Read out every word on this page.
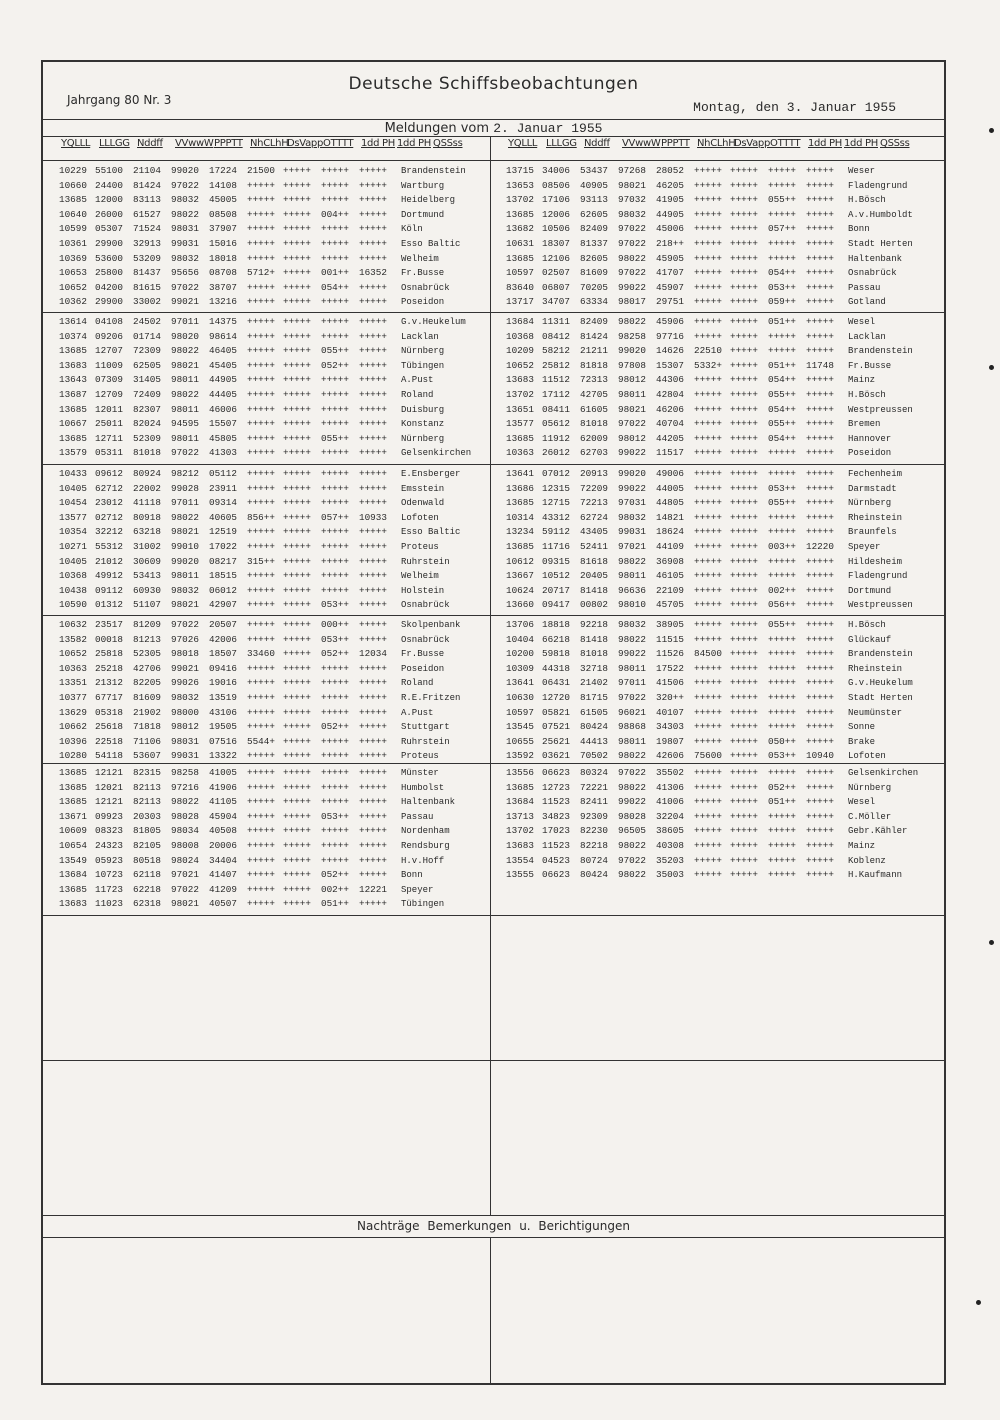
Deutsche Schiffsbeobachtungen
Jahrgang 80 Nr. 3	Montag, den 3. Januar 1955
Meldungen vom 2. Januar 1955
YQLLL LLLGG Nddff VVwwW PPPTT NhCLhH
DsVapp OTTTT 1dd PH 1dd PH QSSss	YQLLL LLLGG Nddff VVwwW PPPTT NhCLhH
DsVapp OTTTT 1dd PH 1dd PH QSSss
10229 55100 21104 99020 17224 21500 +++++ +++++ +++++ Brandenstein
10660 24400 81424 97022 14108 +++++ +++++ +++++ +++++ Wartburg
13685 12000 83113 98032 45005 +++++ +++++ +++++ +++++ Heidelberg
10640 26000 61527 98022 08508 +++++ +++++ 004++ +++++ Dortmund
10599 05307 71524 98031 37907 +++++ +++++ +++++ +++++ Köln
10361 29900 32913 99031 15016 +++++ +++++ +++++ +++++ Esso Baltic
10369 53600 53209 98032 18018 +++++ +++++ +++++ +++++ Welheim
10653 25800 81437 95656 08708 5712+ +++++ 001++ 16352 Fr.Busse
10652 04200 81615 97022 38707 +++++ +++++ 054++ +++++ Osnabrück
10362 29900 33002 99021 13216 +++++ +++++ +++++ +++++ Poseidon
13614 04108 24502 97011 14375 +++++ +++++ +++++ +++++ G.v.Heukelum
10374 09206 01714 98020 98614 +++++ +++++ +++++ +++++ Lacklan
13685 12707 72309 98022 46405 +++++ +++++ 055++ +++++ Nürnberg
13683 11009 62505 98021 45405 +++++ +++++ 052++ +++++ Tübingen
13643 07309 31405 98011 44905 +++++ +++++ +++++ +++++ A.Pust
13687 12709 72409 98022 44405 +++++ +++++ +++++ +++++ Roland
13685 12011 82307 98011 46006 +++++ +++++ +++++ +++++ Duisburg
10667 25011 82024 94595 15507 +++++ +++++ +++++ +++++ Konstanz
13685 12711 52309 98011 45805 +++++ +++++ 055++ +++++ Nürnberg
13579 05311 81018 97022 41303 +++++ +++++ +++++ +++++ Gelsenkirchen
10433 09612 80924 98212 05112 +++++ +++++ +++++ +++++ E.Ensberger
10405 62712 22002 99028 23911 +++++ +++++ +++++ +++++ Emsstein
10454 23012 41118 97011 09314 +++++ +++++ +++++ +++++ Odenwald
13577 02712 80918 98022 40605 856++ +++++ 057++ 10933 Lofoten
10354 32212 63218 98021 12519 +++++ +++++ +++++ +++++ Esso Baltic
10271 55312 31002 99010 17022 +++++ +++++ +++++ +++++ Proteus
10405 21012 30609 99020 08217 315++ +++++ +++++ +++++ Ruhrstein
10368 49912 53413 98011 18515 +++++ +++++ +++++ +++++ Welheim
10438 09112 60930 98032 06012 +++++ +++++ +++++ +++++ Holstein
10590 01312 51107 98021 42907 +++++ +++++ 053++ +++++ Osnabrück
10632 23517 81209 97022 20507 +++++ +++++ 000++ +++++ Skolpenbank
13582 00018 81213 97026 42006 +++++ +++++ 053++ +++++ Osnabrück
10652 25818 52305 98018 18507 33460 +++++ 052++ 12034 Fr.Busse
10363 25218 42706 99021 09416 +++++ +++++ +++++ +++++ Poseidon
13351 21312 82205 99026 19016 +++++ +++++ +++++ +++++ Roland
10377 67717 81609 98032 13519 +++++ +++++ +++++ +++++ R.E.Fritzen
13629 05318 21902 98000 43106 +++++ +++++ +++++ +++++ A.Pust
10662 25618 71818 98012 19505 +++++ +++++ 052++ +++++ Stuttgart
10396 22518 71106 98031 07516 5544+ +++++ +++++ +++++ Ruhrstein
10280 54118 53607 99031 13322 +++++ +++++ +++++ +++++ Proteus
13685 12121 82315 98258 41005 +++++ +++++ +++++ +++++ Münster
13685 12021 82113 97216 41906 +++++ +++++ +++++ +++++ Humbolst
13685 12121 82113 98022 41105 +++++ +++++ +++++ +++++ Haltenbank
13671 09923 20303 98028 45904 +++++ +++++ 053++ +++++ Passau
10609 08323 81805 98034 40508 +++++ +++++ +++++ +++++ Nordenham
10654 24323 82105 98008 20006 +++++ +++++ +++++ +++++ Rendsburg
13549 05923 80518 98024 34404 +++++ +++++ +++++ +++++ H.v.Hoff
13684 10723 62118 97021 41407 +++++ +++++ 052++ +++++ Bonn
13685 11723 62218 97022 41209 +++++ +++++ 002++ 12221 Speyer
13683 11023 62318 98021 40507 +++++ +++++ 051++ +++++ Tübingen
13715 34006 53437 97268 28052 +++++ +++++ +++++ +++++ Weser
13653 08506 40905 98021 46205 +++++ +++++ +++++ +++++ Fladengrund
13702 17106 93113 97032 41905 +++++ +++++ 055++ +++++ H.Bösch
13685 12006 62605 98032 44905 +++++ +++++ +++++ +++++ A.v.Humboldt
13682 10506 82409 97022 45006 +++++ +++++ 057++ +++++ Bonn
10631 18307 81337 97022 218++ +++++ +++++ +++++ +++++ Stadt Herten
13685 12106 82605 98022 45905 +++++ +++++ +++++ +++++ Haltenbank
10597 02507 81609 97022 41707 +++++ +++++ 054++ +++++ Osnabrück
83640 06807 70205 99022 45907 +++++ +++++ 053++ +++++ Passau
13717 34707 63334 98017 29751 +++++ +++++ 059++ +++++ Gotland
13684 11311 82409 98022 45906 +++++ +++++ 051++ +++++ Wesel
10368 08412 81424 98258 97716 +++++ +++++ +++++ +++++ Lacklan
10209 58212 21211 99020 14626 22510 +++++ +++++ +++++ Brandenstein
10652 25812 81818 97808 15307 5332+ +++++ 051++ 11748 Fr.Busse
13683 11512 72313 98012 44306 +++++ +++++ 054++ +++++ Mainz
13702 17112 42705 98011 42804 +++++ +++++ 055++ +++++ H.Bösch
13651 08411 61605 98021 46206 +++++ +++++ 054++ +++++ Westpreussen
13577 05612 81018 97022 40704 +++++ +++++ 055++ +++++ Bremen
13685 11912 62009 98012 44205 +++++ +++++ 054++ +++++ Hannover
10363 26012 62703 99022 11517 +++++ +++++ +++++ +++++ Poseidon
13641 07012 20913 99020 49006 +++++ +++++ +++++ +++++ Fechenheim
13686 12315 72209 99022 44005 +++++ +++++ 053++ +++++ Darmstadt
13685 12715 72213 97031 44805 +++++ +++++ 055++ +++++ Nürnberg
10314 43312 62724 98032 14821 +++++ +++++ +++++ +++++ Rheinstein
13234 59112 43405 99031 18624 +++++ +++++ +++++ +++++ Braunfels
13685 11716 52411 97021 44109 +++++ +++++ 003++ 12220 Speyer
10612 09315 81618 98022 36908 +++++ +++++ +++++ +++++ Hildesheim
13667 10512 20405 98011 46105 +++++ +++++ +++++ +++++ Fladengrund
10624 20717 81418 96636 22109 +++++ +++++ 002++ +++++ Dortmund
13660 09417 00802 98010 45705 +++++ +++++ 056++ +++++ Westpreussen
13706 18818 92218 98032 38905 +++++ +++++ 055++ +++++ H.Bösch
10404 66218 81418 98022 11515 +++++ +++++ +++++ +++++ Glückauf
10200 59818 81018 99022 11526 84500 +++++ +++++ +++++ Brandenstein
10309 44318 32718 98011 17522 +++++ +++++ +++++ +++++ Rheinstein
13641 06431 21402 97011 41506 +++++ +++++ +++++ +++++ G.v.Heukelum
10630 12720 81715 97022 320++ +++++ +++++ +++++ +++++ Stadt Herten
10597 05821 61505 96021 40107 +++++ +++++ +++++ +++++ Neumünster
13545 07521 80424 98868 34303 +++++ +++++ +++++ +++++ Sonne
10655 25621 44413 98011 19807 +++++ +++++ 050++ +++++ Brake
13592 03621 70502 98022 42606 75600 +++++ 053++ 10940 Lofoten
13556 06623 80324 97022 35502 +++++ +++++ +++++ +++++ Gelsenkirchen
13685 12723 72221 98022 41306 +++++ +++++ 052++ +++++ Nürnberg
13684 11523 82411 99022 41006 +++++ +++++ 051++ +++++ Wesel
13713 34823 92309 98028 32204 +++++ +++++ +++++ +++++ C.Möller
13702 17023 82230 96505 38605 +++++ +++++ +++++ +++++ Gebr.Kähler
13683 11523 82218 98022 40308 +++++ +++++ +++++ +++++ Mainz
13554 04523 80724 97022 35203 +++++ +++++ +++++ +++++ Koblenz
13555 06623 80424 98022 35003 +++++ +++++ +++++ +++++ H.Kaufmann
Nachträge Bemerkungen u. Berichtigungen
